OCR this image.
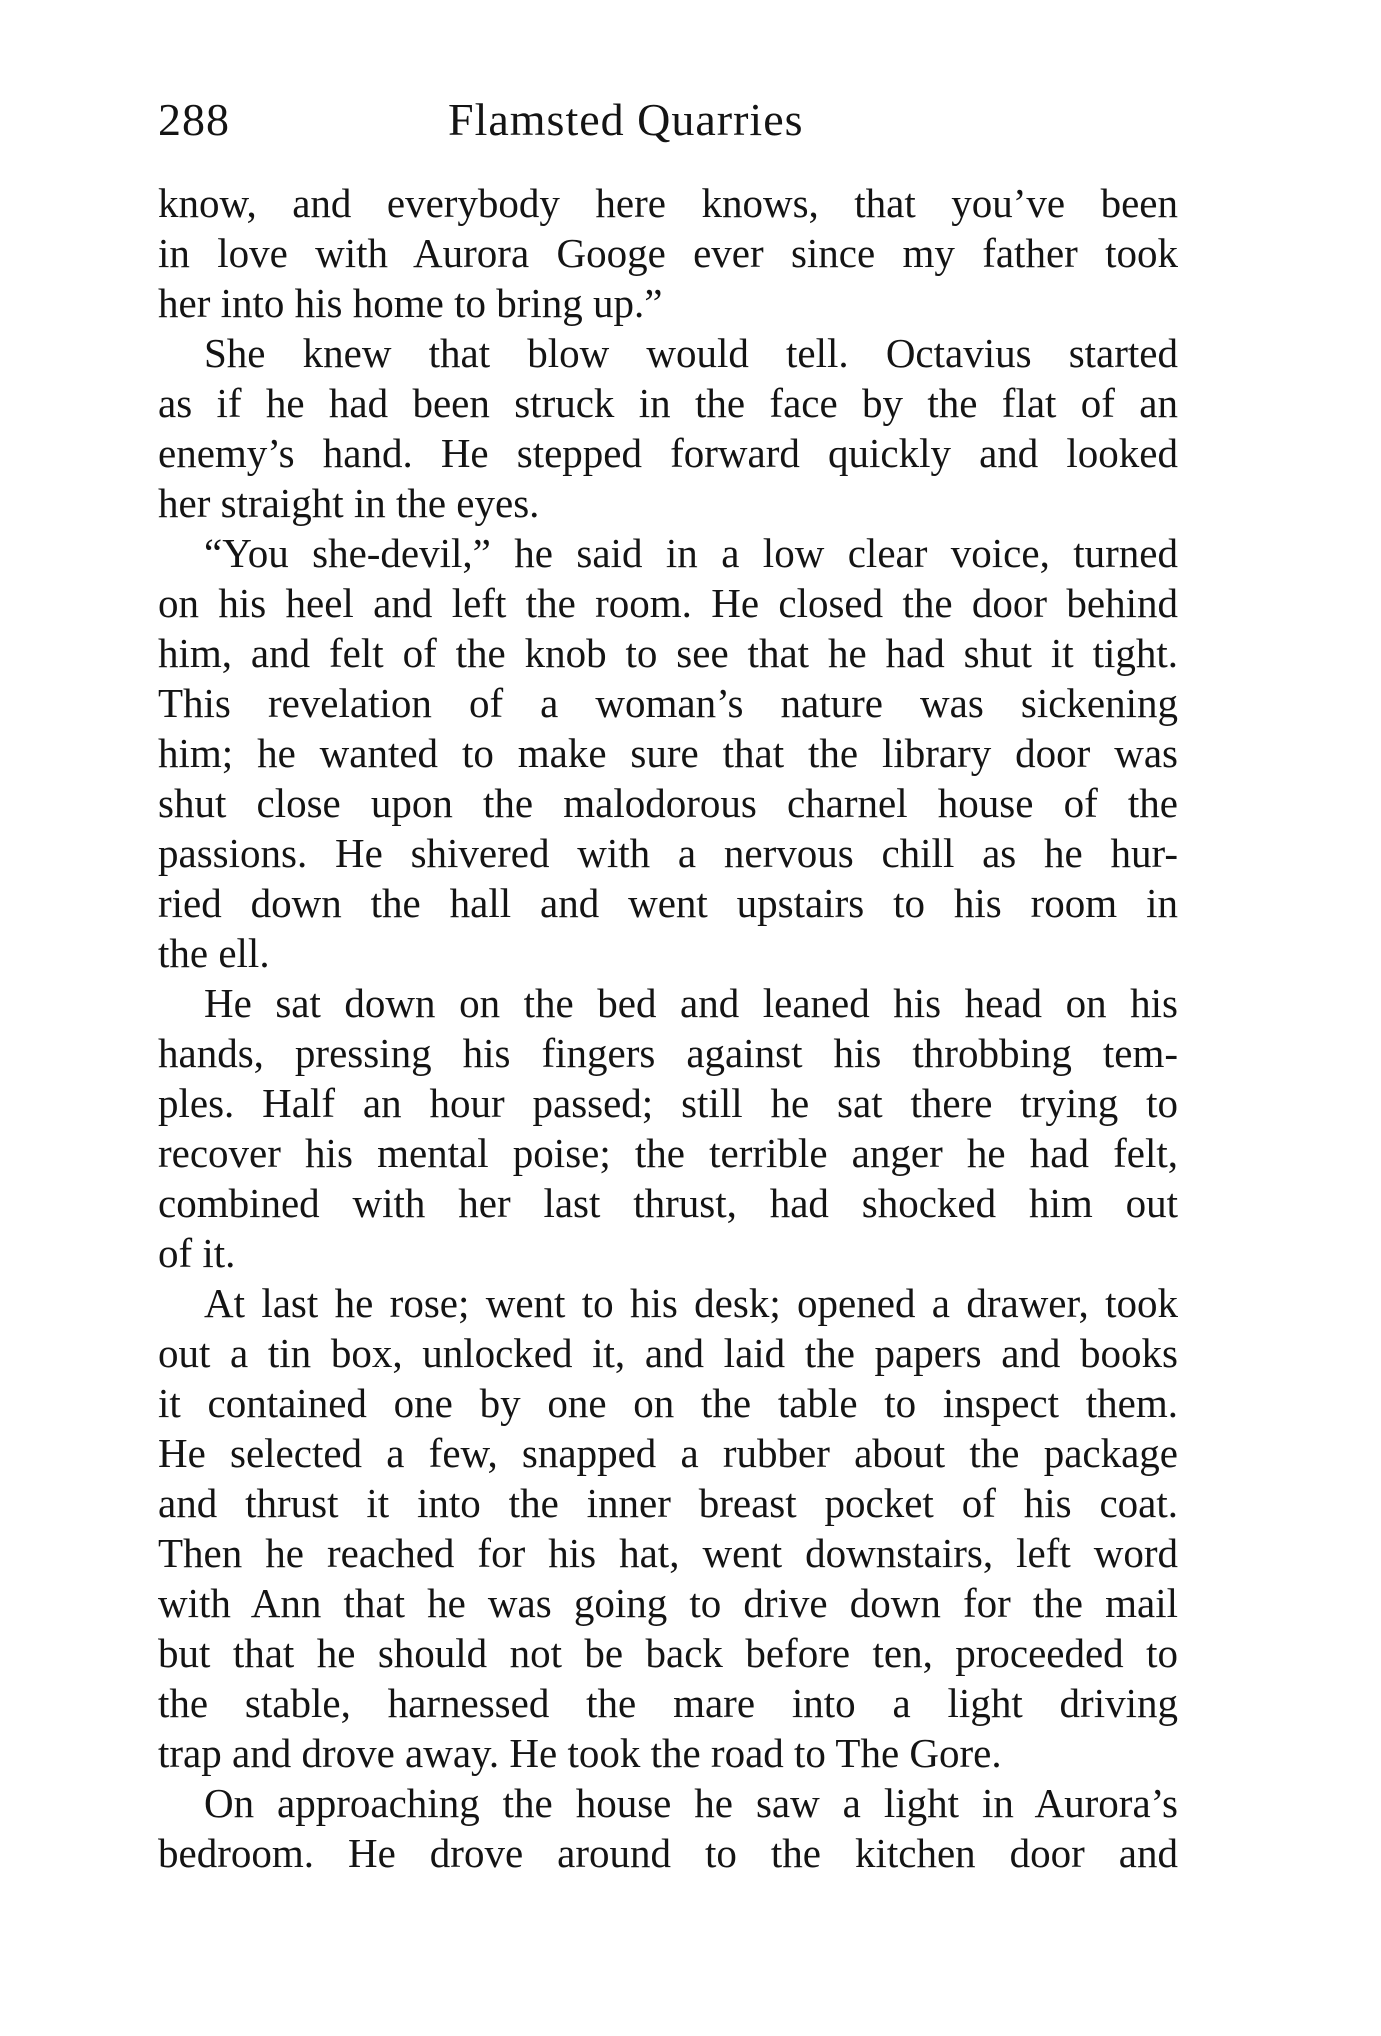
288	Flamsted Quarries
know, and everybody here knows, that you’ve been
in love with Aurora Googe ever since my father took
her into his home to bring up.”
She knew that blow would tell. Octavius started
as if he had been struck in the face by the flat of an
enemy’s hand. He stepped forward quickly and looked
her straight in the eyes.
“You she-devil,” he said in a low clear voice, turned
on his heel and left the room. He closed the door behind
him, and felt of the knob to see that he had shut it tight.
This revelation of a woman’s nature was sickening
him; he wanted to make sure that the library door was
shut close upon the malodorous charnel house of the
passions. He shivered with a nervous chill as he hur-
ried down the hall and went upstairs to his room in
the ell.
He sat down on the bed and leaned his head on his
hands, pressing his fingers against his throbbing tem-
ples. Half an hour passed; still he sat there trying to
recover his mental poise; the terrible anger he had felt,
combined with her last thrust, had shocked him out
of it.
At last he rose; went to his desk; opened a drawer, took
out a tin box, unlocked it, and laid the papers and books
it contained one by one on the table to inspect them.
He selected a few, snapped a rubber about the package
and thrust it into the inner breast pocket of his coat.
Then he reached for his hat, went downstairs, left word
with Ann that he was going to drive down for the mail
but that he should not be back before ten, proceeded to
the stable, harnessed the mare into a light driving
trap and drove away. He took the road to The Gore.
On approaching the house he saw a light in Aurora’s
bedroom. He drove around to the kitchen door and
